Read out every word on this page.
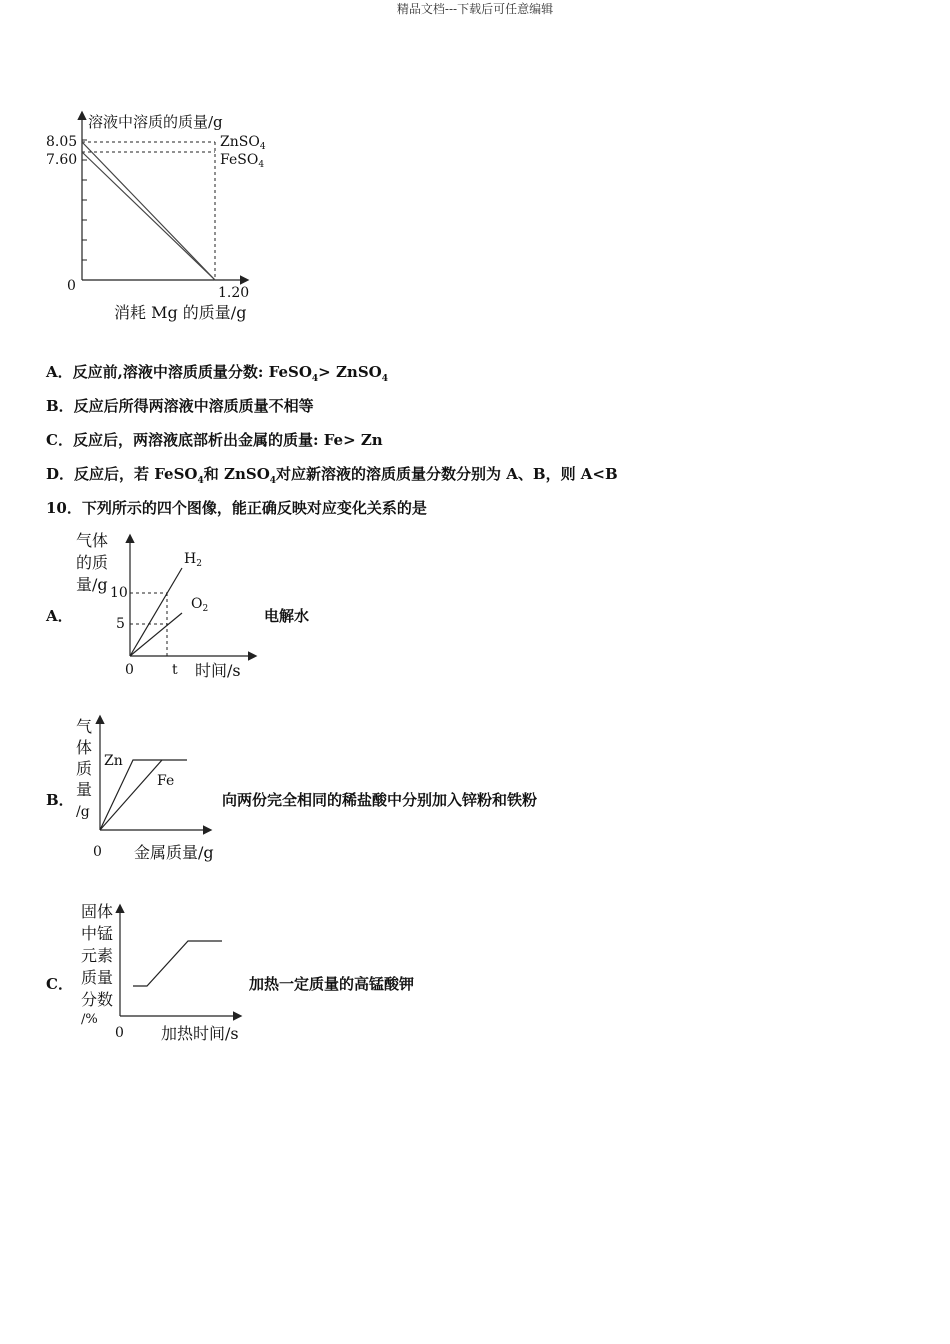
精品文档---下载后可任意编辑
溶液中溶质的质量/g
8.05
7.60
0	1.20
消耗 Mg 的质量/g
ZnSO$_4$
FeSO$_4$
A．反应前,溶液中溶质质量分数: FeSO$_4$> ZnSO$_4$
B．反应后所得两溶液中溶质质量不相等
C．反应后，两溶液底部析出金属的质量: Fe> Zn
D．反应后，若 FeSO$_4$和 ZnSO$_4$对应新溶液的溶质质量分数分别为 A、B，则 A<B
10．下列所示的四个图像，能正确反映对应变化关系的是
A．
气体
的质
量/g 10
5
0	t 时间/s
$H_2$
$O_2$	电解水
B．
气
体
质
量
/g
Zn
Fe
0 金属质量/g
向两份完全相同的稀盐酸中分别加入锌粉和铁粉
C．
固体
中锰
元素
质量
分数
/%
0 加热时间/s
加热一定质量的高锰酸钾
